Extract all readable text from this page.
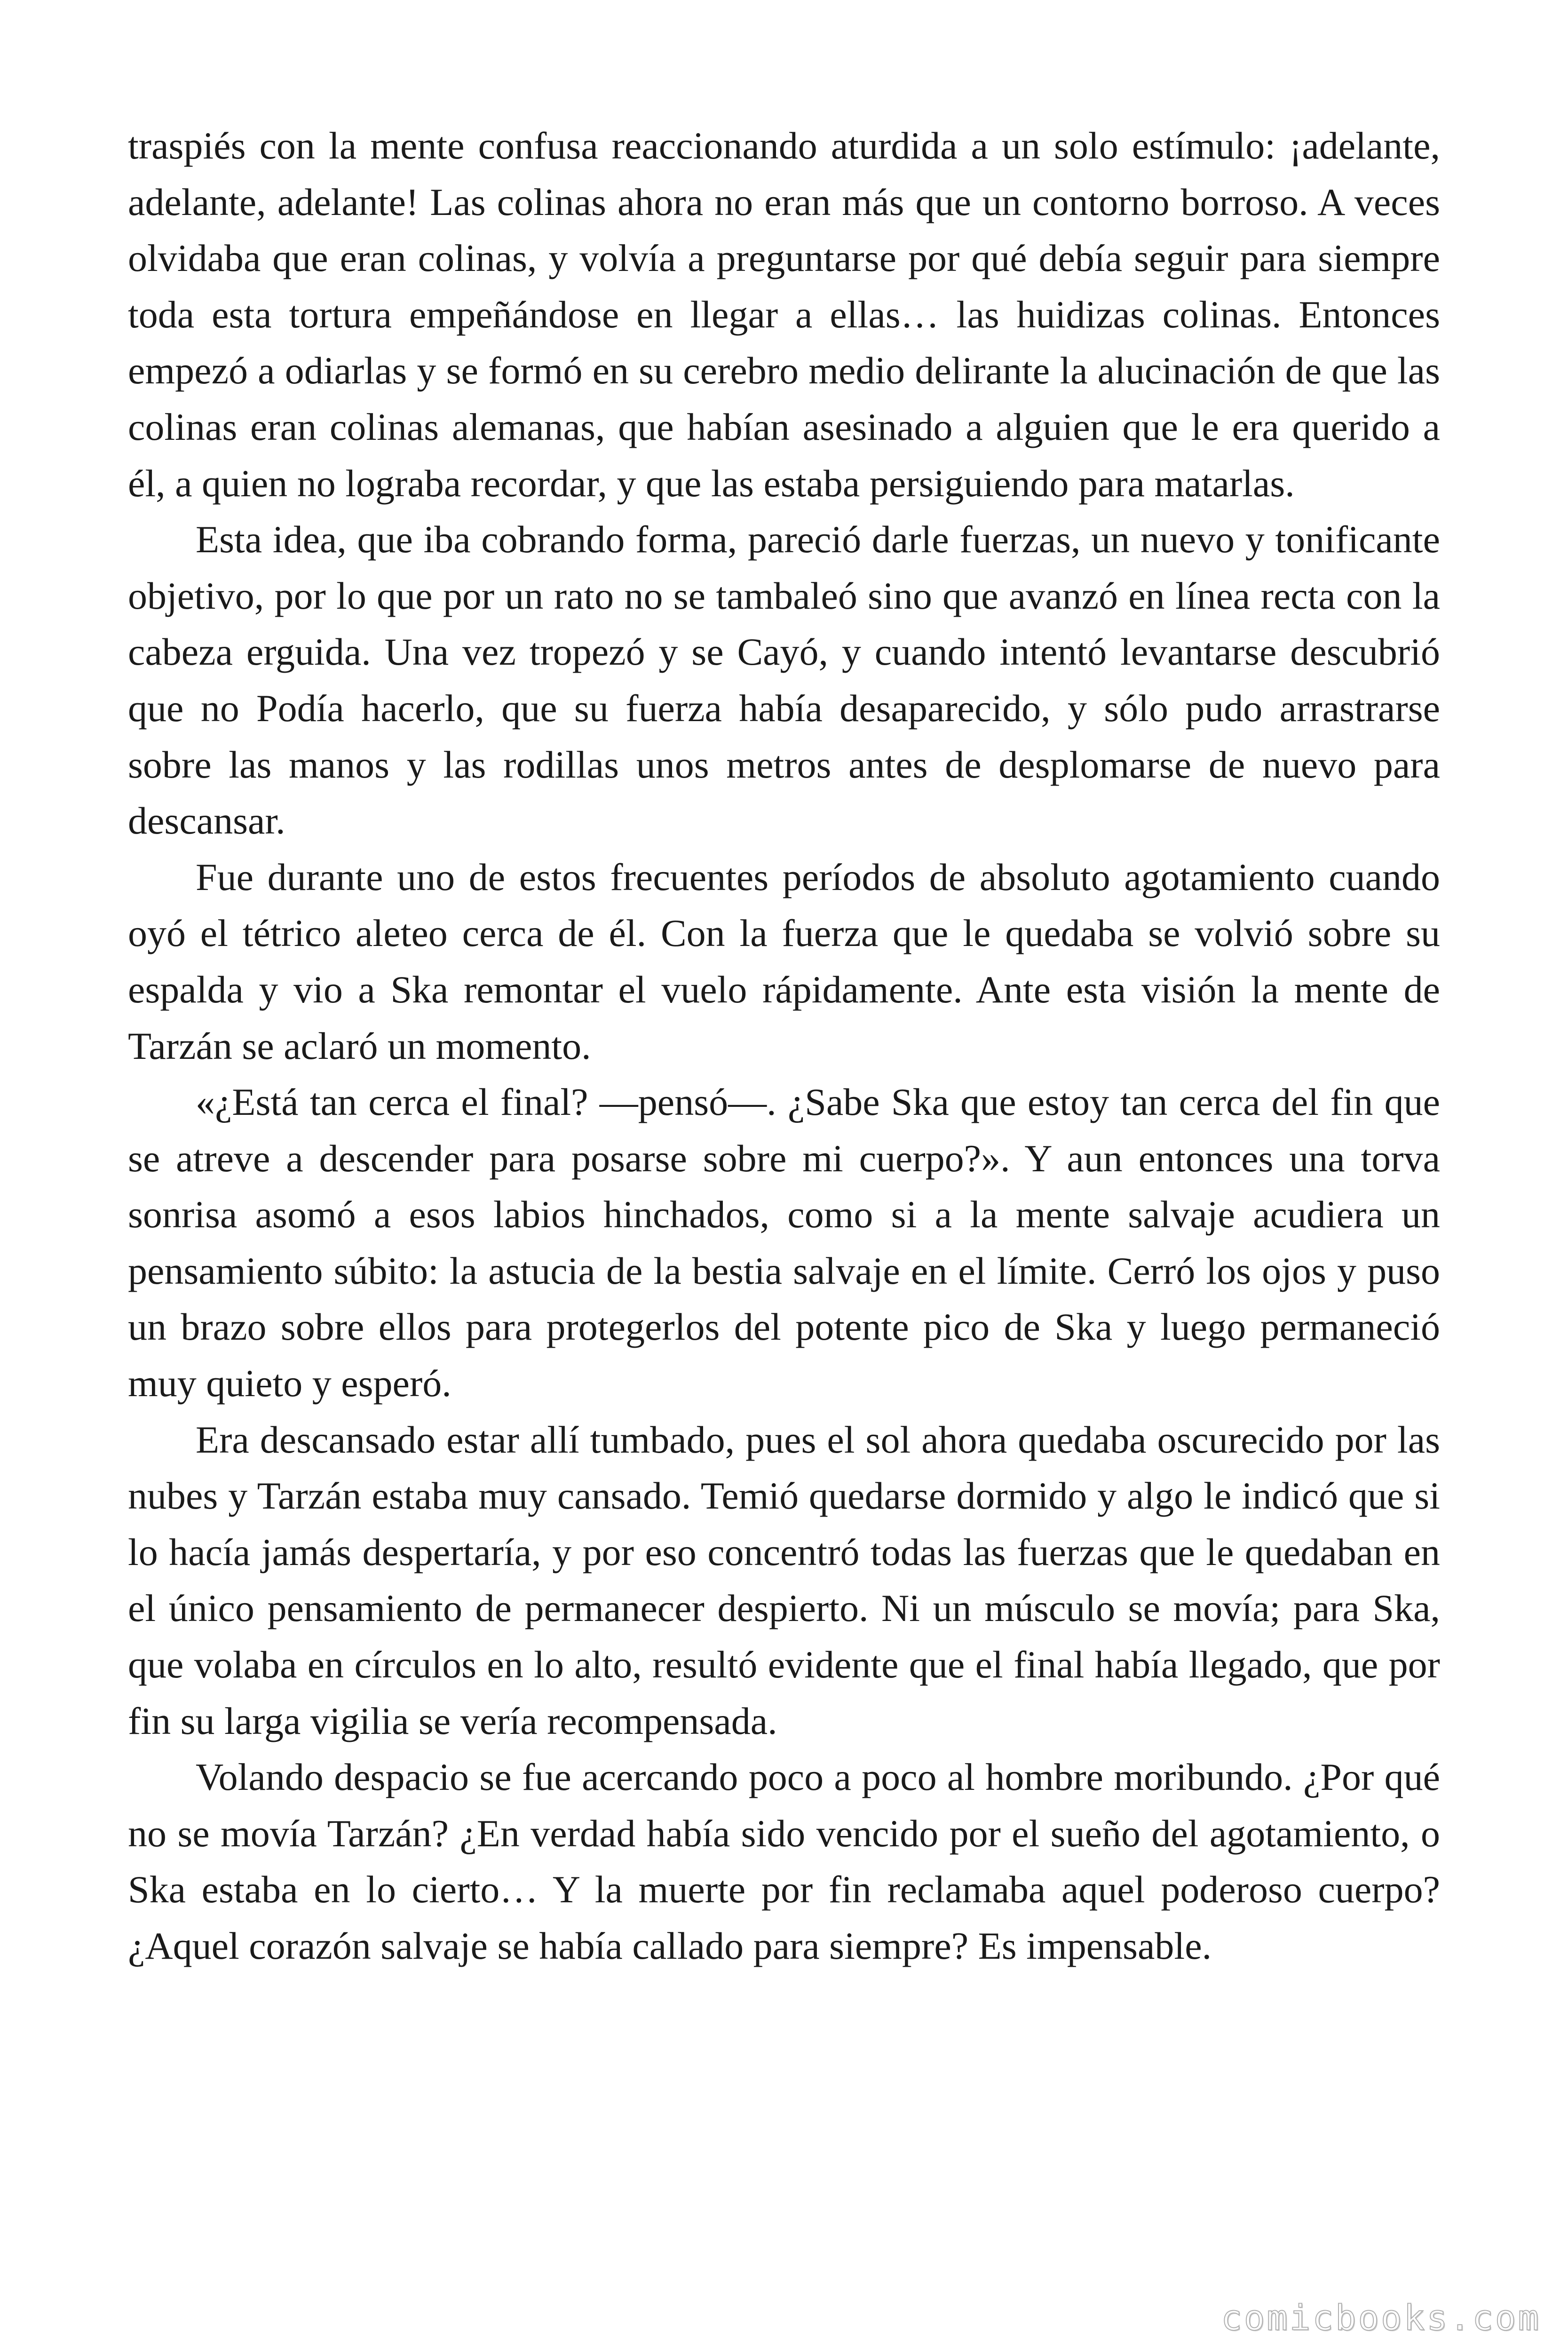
traspiés con la mente confusa reaccionando aturdida a un solo estímulo: ¡adelante, adelante, adelante! Las colinas ahora no eran más que un contorno borroso. A veces olvidaba que eran colinas, y volvía a preguntarse por qué debía seguir para siempre toda esta tortura empeñándose en llegar a ellas… las huidizas colinas. Entonces empezó a odiarlas y se formó en su cerebro medio delirante la alucinación de que las colinas eran colinas alemanas, que habían asesinado a alguien que le era querido a él, a quien no lograba recordar, y que las estaba persiguiendo para matarlas.

Esta idea, que iba cobrando forma, pareció darle fuerzas, un nuevo y tonificante objetivo, por lo que por un rato no se tambaleó sino que avanzó en línea recta con la cabeza erguida. Una vez tropezó y se Cayó, y cuando intentó levantarse descubrió que no Podía hacerlo, que su fuerza había desaparecido, y sólo pudo arrastrarse sobre las manos y las rodillas unos metros antes de desplomarse de nuevo para descansar.

Fue durante uno de estos frecuentes períodos de absoluto agotamiento cuando oyó el tétrico aleteo cerca de él. Con la fuerza que le quedaba se volvió sobre su espalda y vio a Ska remontar el vuelo rápidamente. Ante esta visión la mente de Tarzán se aclaró un momento.

«¿Está tan cerca el final? —pensó—. ¿Sabe Ska que estoy tan cerca del fin que se atreve a descender para posarse sobre mi cuerpo?». Y aun entonces una torva sonrisa asomó a esos labios hinchados, como si a la mente salvaje acudiera un pensamiento súbito: la astucia de la bestia salvaje en el límite. Cerró los ojos y puso un brazo sobre ellos para protegerlos del potente pico de Ska y luego permaneció muy quieto y esperó.

Era descansado estar allí tumbado, pues el sol ahora quedaba oscurecido por las nubes y Tarzán estaba muy cansado. Temió quedarse dormido y algo le indicó que si lo hacía jamás despertaría, y por eso concentró todas las fuerzas que le quedaban en el único pensamiento de permanecer despierto. Ni un músculo se movía; para Ska, que volaba en círculos en lo alto, resultó evidente que el final había llegado, que por fin su larga vigilia se vería recompensada.

Volando despacio se fue acercando poco a poco al hombre moribundo. ¿Por qué no se movía Tarzán? ¿En verdad había sido vencido por el sueño del agotamiento, o Ska estaba en lo cierto… Y la muerte por fin reclamaba aquel poderoso cuerpo? ¿Aquel corazón salvaje se había callado para siempre? Es impensable.

comicbooks.com
